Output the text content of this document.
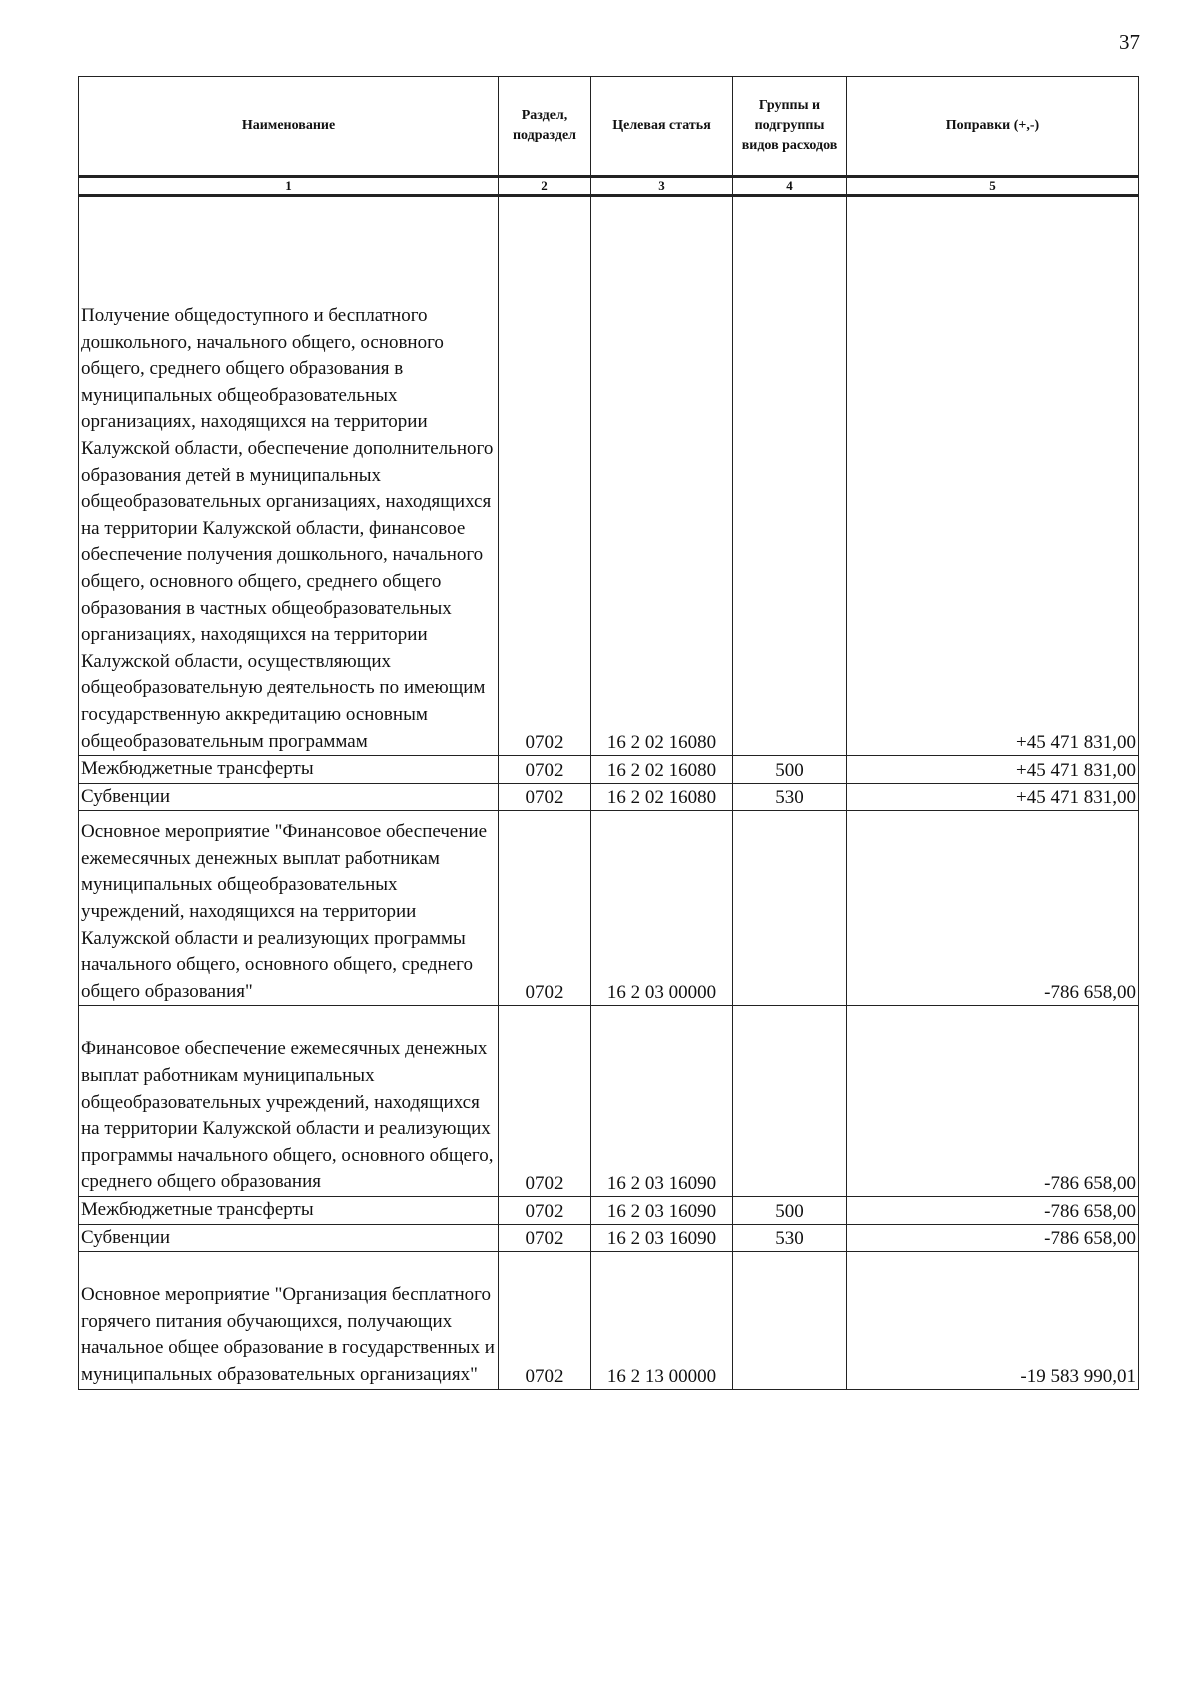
37
Наименование	Раздел, подраздел	Целевая статья	Группы и подгруппы видов расходов	Поправки (+,-)
1	2	3	4	5
Получение общедоступного и бесплатного дошкольного, начального общего, основного общего, среднего общего образования в муниципальных общеобразовательных организациях, находящихся на территории Калужской области, обеспечение дополнительного образования детей в муниципальных общеобразовательных организациях, находящихся на территории Калужской области, финансовое обеспечение получения дошкольного, начального общего, основного общего, среднего общего образования в частных общеобразовательных организациях, находящихся на территории Калужской области, осуществляющих общеобразовательную деятельность по имеющим государственную аккредитацию основным общеобразовательным программам	0702	16 2 02 16080		+45 471 831,00
Межбюджетные трансферты	0702	16 2 02 16080	500	+45 471 831,00
Субвенции	0702	16 2 02 16080	530	+45 471 831,00
Основное мероприятие "Финансовое обеспечение ежемесячных денежных выплат работникам муниципальных общеобразовательных учреждений, находящихся на территории Калужской области и реализующих программы начального общего, основного общего, среднего общего образования"	0702	16 2 03 00000		-786 658,00
Финансовое обеспечение ежемесячных денежных выплат работникам муниципальных общеобразовательных учреждений, находящихся на территории Калужской области и реализующих программы начального общего, основного общего, среднего общего образования	0702	16 2 03 16090		-786 658,00
Межбюджетные трансферты	0702	16 2 03 16090	500	-786 658,00
Субвенции	0702	16 2 03 16090	530	-786 658,00
Основное мероприятие "Организация бесплатного горячего питания обучающихся, получающих начальное общее образование в государственных и муниципальных образовательных организациях"	0702	16 2 13 00000		-19 583 990,01
